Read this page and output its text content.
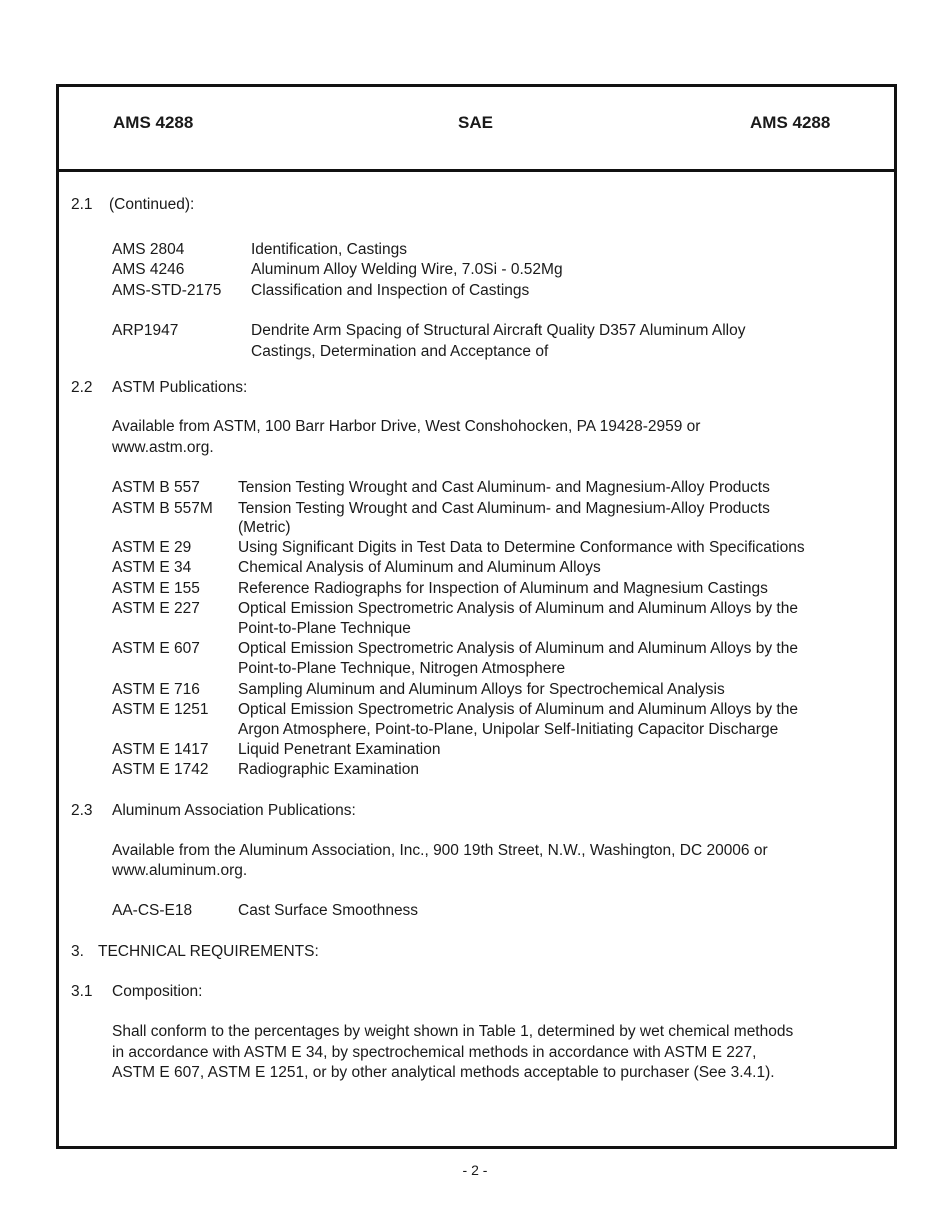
AMS 4288	SAE	AMS 4288
2.1 (Continued):
AMS 2804	Identification, Castings
AMS 4246	Aluminum Alloy Welding Wire, 7.0Si - 0.52Mg
AMS-STD-2175 Classification and Inspection of Castings
ARP1947	Dendrite Arm Spacing of Structural Aircraft Quality D357 Aluminum Alloy
Castings, Determination and Acceptance of
2.2 ASTM Publications:
Available from ASTM, 100 Barr Harbor Drive, West Conshohocken, PA 19428-2959 or
www.astm.org.
ASTM B 557 Tension Testing Wrought and Cast Aluminum- and Magnesium-Alloy Products
ASTM B 557M Tension Testing Wrought and Cast Aluminum- and Magnesium-Alloy Products
(Metric)
ASTM E 29	Using Significant Digits in Test Data to Determine Conformance with Specifications
ASTM E 34	Chemical Analysis of Aluminum and Aluminum Alloys
ASTM E 155 Reference Radiographs for Inspection of Aluminum and Magnesium Castings
ASTM E 227 Optical Emission Spectrometric Analysis of Aluminum and Aluminum Alloys by the
Point-to-Plane Technique
ASTM E 607 Optical Emission Spectrometric Analysis of Aluminum and Aluminum Alloys by the
Point-to-Plane Technique, Nitrogen Atmosphere
ASTM E 716 Sampling Aluminum and Aluminum Alloys for Spectrochemical Analysis
ASTM E 1251 Optical Emission Spectrometric Analysis of Aluminum and Aluminum Alloys by the
Argon Atmosphere, Point-to-Plane, Unipolar Self-Initiating Capacitor Discharge
ASTM E 1417 Liquid Penetrant Examination
ASTM E 1742 Radiographic Examination
2.3 Aluminum Association Publications:
Available from the Aluminum Association, Inc., 900 19th Street, N.W., Washington, DC 20006 or
www.aluminum.org.
AA-CS-E18	Cast Surface Smoothness
3. TECHNICAL REQUIREMENTS:
3.1 Composition:
Shall conform to the percentages by weight shown in Table 1, determined by wet chemical methods
in accordance with ASTM E 34, by spectrochemical methods in accordance with ASTM E 227,
ASTM E 607, ASTM E 1251, or by other analytical methods acceptable to purchaser (See 3.4.1).
- 2 -
